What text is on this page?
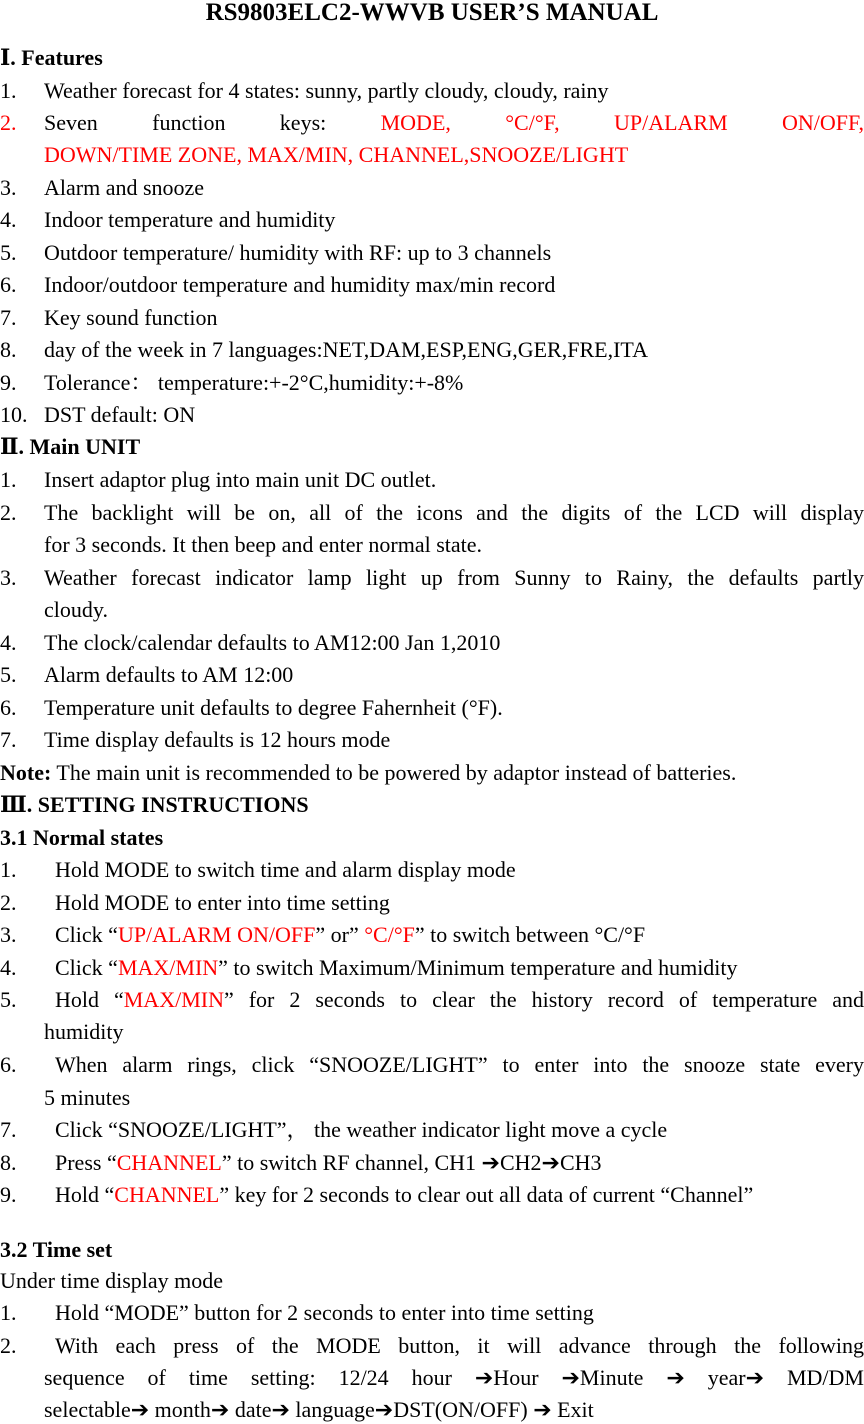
RS9803ELC2-WWVB USER’S MANUAL
Ⅰ. Features
1. Weather forecast for 4 states: sunny, partly cloudy, cloudy, rainy
2. Seven function keys: MODE, °C/°F, UP/ALARM ON/OFF,
DOWN/TIME ZONE, MAX/MIN, CHANNEL,SNOOZE/LIGHT
3. Alarm and snooze
4. Indoor temperature and humidity
5. Outdoor temperature/ humidity with RF: up to 3 channels
6. Indoor/outdoor temperature and humidity max/min record
7. Key sound function
8. day of the week in 7 languages:NET,DAM,ESP,ENG,GER,FRE,ITA
9. Tolerance： temperature:+-2°C,humidity:+-8%
10. DST default: ON
Ⅱ. Main UNIT
1. Insert adaptor plug into main unit DC outlet.
2. The backlight will be on, all of the icons and the digits of the LCD will display
for 3 seconds. It then beep and enter normal state.
3. Weather forecast indicator lamp light up from Sunny to Rainy, the defaults partly
cloudy.
4. The clock/calendar defaults to AM12:00 Jan 1,2010
5. Alarm defaults to AM 12:00
6. Temperature unit defaults to degree Fahernheit (°F).
7. Time display defaults is 12 hours mode
Note: The main unit is recommended to be powered by adaptor instead of batteries.
Ⅲ. SETTING INSTRUCTIONS
3.1 Normal states
1. Hold MODE to switch time and alarm display mode
2. Hold MODE to enter into time setting
3. Click “UP/ALARM ON/OFF” or” °C/°F” to switch between °C/°F
4. Click “MAX/MIN” to switch Maximum/Minimum temperature and humidity
5. Hold “MAX/MIN” for 2 seconds to clear the history record of temperature and
humidity
6. When alarm rings, click “SNOOZE/LIGHT” to enter into the snooze state every
5 minutes
7. Click “SNOOZE/LIGHT”， the weather indicator light move a cycle
8. Press “CHANNEL” to switch RF channel, CH1 ➔CH2➔CH3
9. Hold “CHANNEL” key for 2 seconds to clear out all data of current “Channel”
3.2 Time set
Under time display mode
1. Hold “MODE” button for 2 seconds to enter into time setting
2. With each press of the MODE button, it will advance through the following
sequence of time setting: 12/24 hour ➔Hour ➔Minute ➔ year➔ MD/DM
selectable➔ month➔ date➔ language➔DST(ON/OFF) ➔ Exit
